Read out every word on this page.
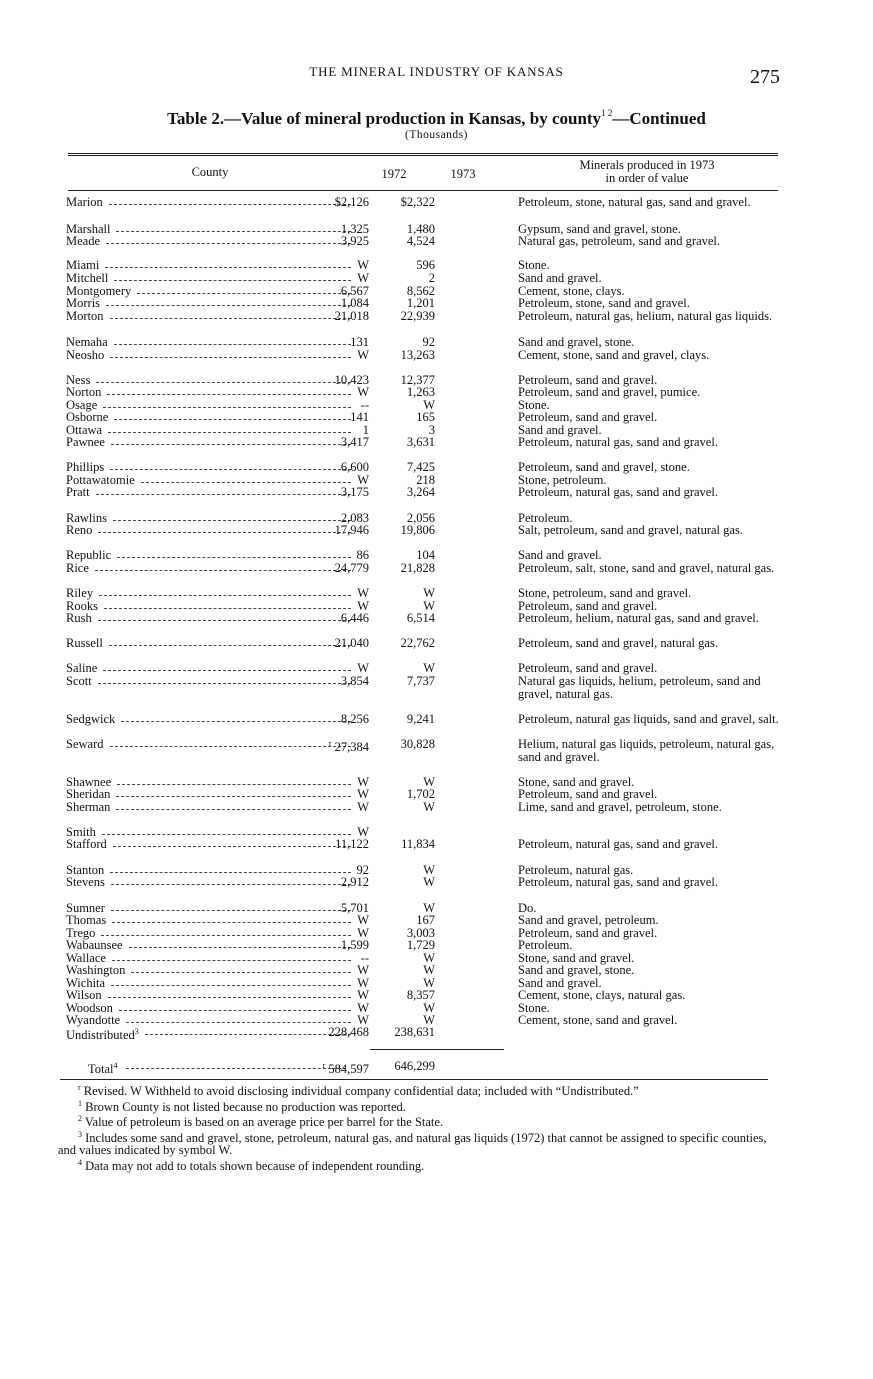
THE MINERAL INDUSTRY OF KANSAS	275
Table 2.—Value of mineral production in Kansas, by county$^{1 2}$—Continued
(Thousands)
County	1972	1973
Minerals produced in 1973
in order of value
Marion	$2,126	$2,322	Petroleum, stone, natural gas, sand and gravel.
Marshall	1,325	1,480	Gypsum, sand and gravel, stone.
Meade	3,925	4,524	Natural gas, petroleum, sand and gravel.
Miami	W	596	Stone.
Mitchell	W	2	Sand and gravel.
Montgomery	6,567	8,562	Cement, stone, clays.
Morris	1,084	1,201	Petroleum, stone, sand and gravel.
Morton	21,018	22,939	Petroleum, natural gas, helium, natural gas liquids.
Nemaha	131	92	Sand and gravel, stone.
Neosho	W	13,263	Cement, stone, sand and gravel, clays.
Ness	10,423	12,377	Petroleum, sand and gravel.
Norton	W	1,263	Petroleum, sand and gravel, pumice.
Osage	--	W	Stone.
Osborne	141	165	Petroleum, sand and gravel.
Ottawa	1	3	Sand and gravel.
Pawnee	3,417	3,631	Petroleum, natural gas, sand and gravel.
Phillips	6,600	7,425	Petroleum, sand and gravel, stone.
Pottawatomie	W	218	Stone, petroleum.
Pratt	3,175	3,264	Petroleum, natural gas, sand and gravel.
Rawlins	2,083	2,056	Petroleum.
Reno	17,946	19,806	Salt, petroleum, sand and gravel, natural gas.
Republic	86	104	Sand and gravel.
Rice	24,779	21,828	Petroleum, salt, stone, sand and gravel, natural gas.
Riley	W	W	Stone, petroleum, sand and gravel.
Rooks	W	W	Petroleum, sand and gravel.
Rush	6,446	6,514	Petroleum, helium, natural gas, sand and gravel.
Russell	21,040	22,762	Petroleum, sand and gravel, natural gas.
Saline	W	W	Petroleum, sand and gravel.
Scott	3,854	7,737	Natural gas liquids, helium, petroleum, sand and gravel, natural gas.
Sedgwick	8,256	9,241	Petroleum, natural gas liquids, sand and gravel, salt.
Seward	$^r$ 27,384	30,828	Helium, natural gas liquids, petroleum, natural gas, sand and gravel.
Shawnee	W	W	Stone, sand and gravel.
Sheridan	W	1,702	Petroleum, sand and gravel.
Sherman	W	W	Lime, sand and gravel, petroleum, stone.
Smith	W
Stafford	11,122	11,834	Petroleum, natural gas, sand and gravel.
Stanton	92	W	Petroleum, natural gas.
Stevens	2,912	W	Petroleum, natural gas, sand and gravel.
Sumner	5,701	W	Do.
Thomas	W	167	Sand and gravel, petroleum.
Trego	W	3,003	Petroleum, sand and gravel.
Wabaunsee	1,599	1,729	Petroleum.
Wallace	--	W	Stone, sand and gravel.
Washington	W	W	Sand and gravel, stone.
Wichita	W	W	Sand and gravel.
Wilson	W	8,357	Cement, stone, clays, natural gas.
Woodson	W	W	Stone.
Wyandotte	W	W	Cement, stone, sand and gravel.
Undistributed$^3$	228,468 238,631
Total$^4$	$^r$ 584,597 646,299
$^r$ Revised. W Withheld to avoid disclosing individual company confidential data; included with “Undistributed.”
$^1$ Brown County is not listed because no production was reported.
$^2$ Value of petroleum is based on an average price per barrel for the State.
$^3$ Includes some sand and gravel, stone, petroleum, natural gas, and natural gas liquids (1972) that cannot be assigned to specific counties, and values indicated by symbol W.
$^4$ Data may not add to totals shown because of independent rounding.
